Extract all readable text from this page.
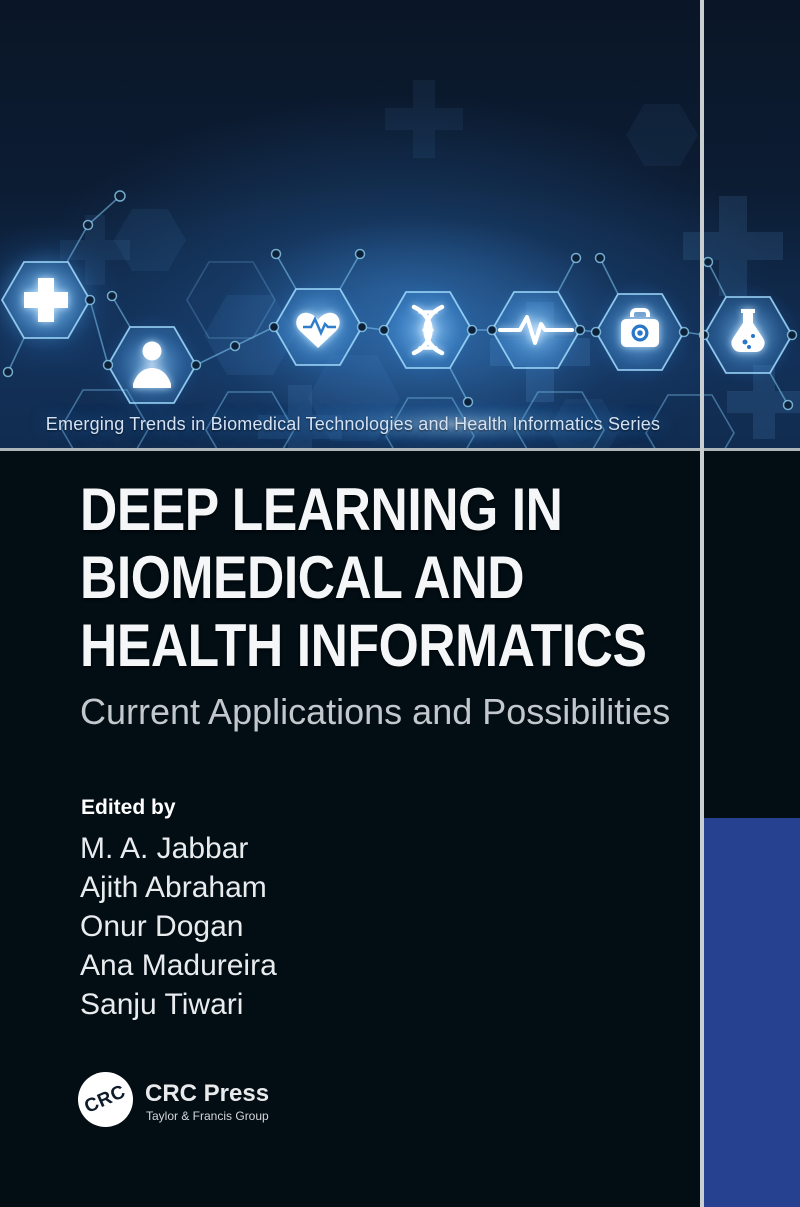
Emerging Trends in Biomedical Technologies and Health Informatics Series
DEEP LEARNING IN
BIOMEDICAL AND
HEALTH INFORMATICS
Current Applications and Possibilities
Edited by
M. A. Jabbar
Ajith Abraham
Onur Dogan
Ana Madureira
Sanju Tiwari
CRC CRC Press
Taylor & Francis Group
